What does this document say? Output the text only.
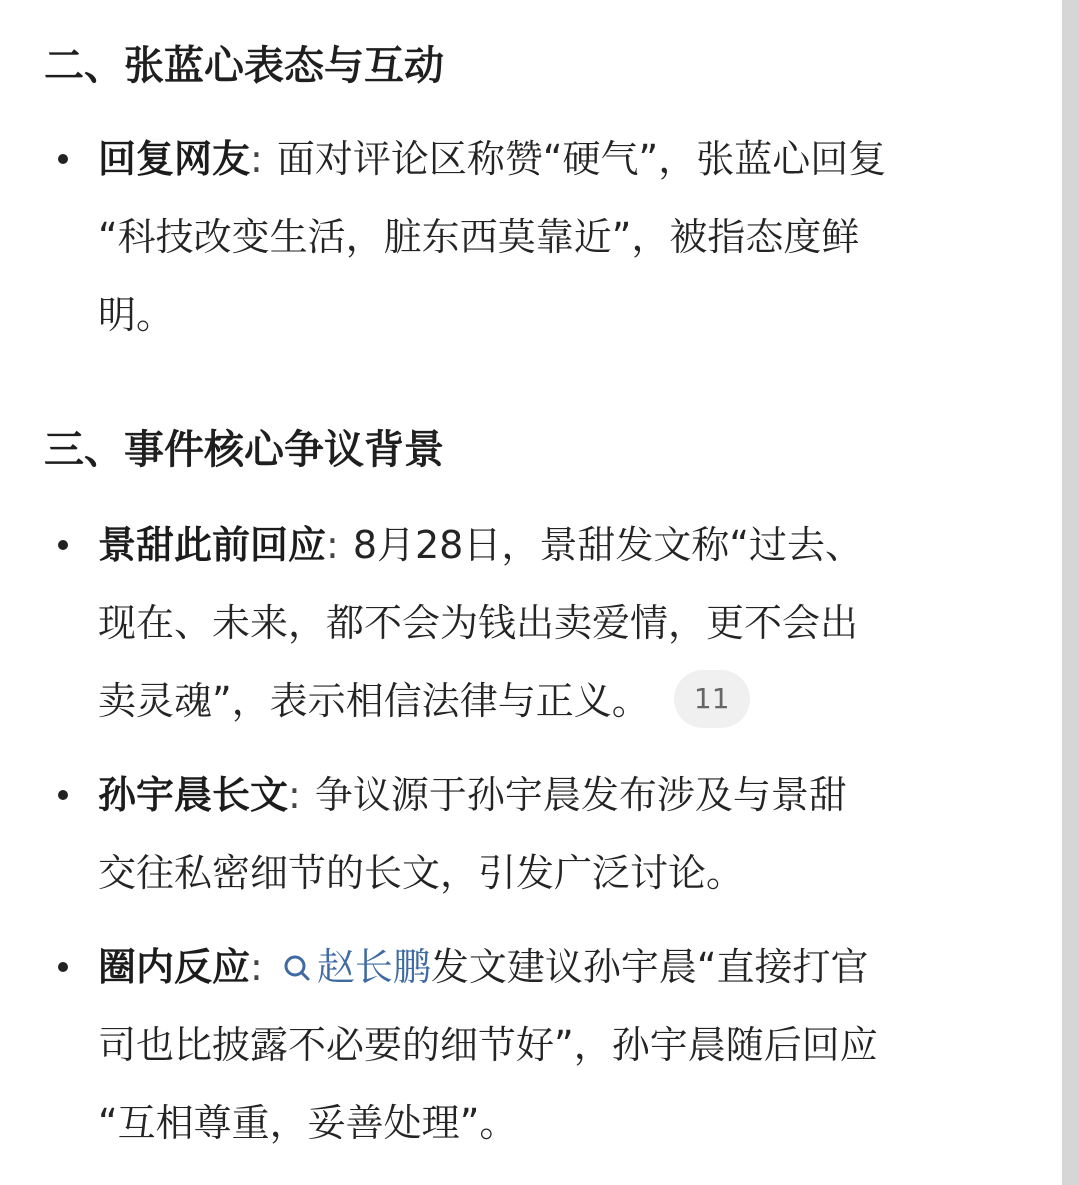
二、张蓝心表态与互动
回复网友: 面对评论区称赞“硬气”，张蓝心回复
“科技改变生活，脏东西莫靠近”，被指态度鲜
明。
三、事件核心争议背景
景甜此前回应: 8月28日，景甜发文称“过去、
现在、未来，都不会为钱出卖爱情，更不会出
卖灵魂”，表示相信法律与正义。 11
孙宇晨长文: 争议源于孙宇晨发布涉及与景甜
交往私密细节的长文，引发广泛讨论。
圈内反应: 赵长鹏发文建议孙宇晨“直接打官
司也比披露不必要的细节好”，孙宇晨随后回应
“互相尊重，妥善处理”。
